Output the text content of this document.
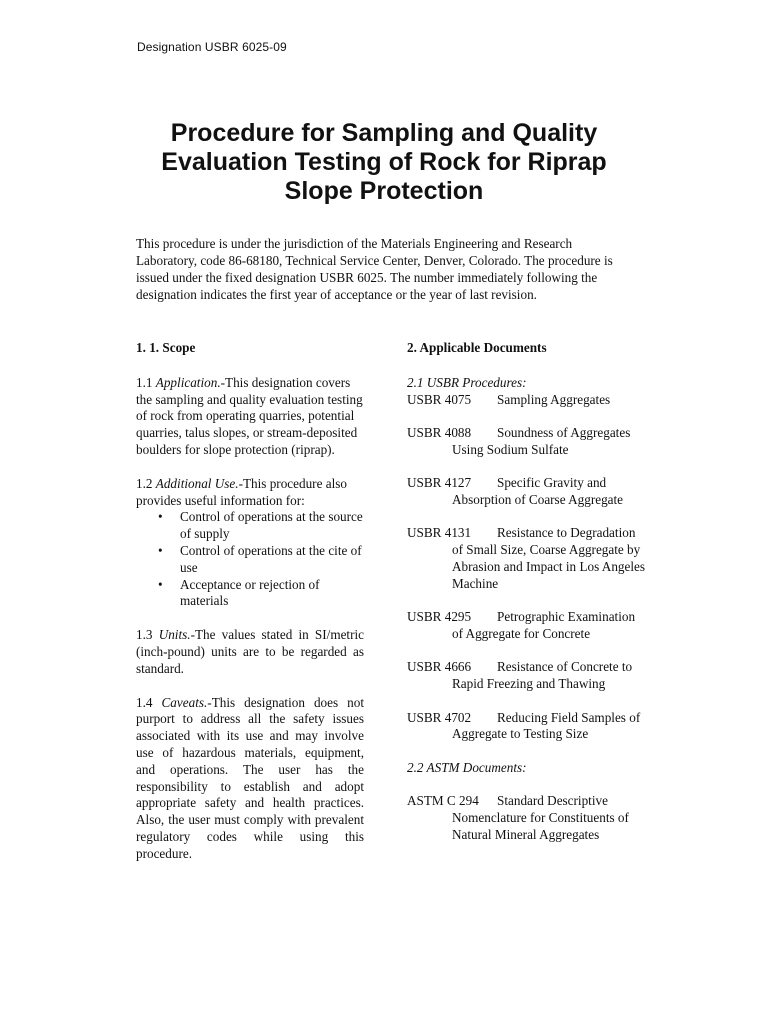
Designation USBR 6025-09
Procedure for Sampling and Quality
Evaluation Testing of Rock for Riprap
Slope Protection

This procedure is under the jurisdiction of the Materials Engineering and Research Laboratory, code 86-68180, Technical Service Center, Denver, Colorado. The procedure is issued under the fixed designation USBR 6025. The number immediately following the designation indicates the first year of acceptance or the year of last revision.

1. 1. Scope

1.1 Application.-This designation covers the sampling and quality evaluation testing of rock from operating quarries, potential quarries, talus slopes, or stream-deposited boulders for slope protection (riprap).

1.2 Additional Use.-This procedure also provides useful information for:

• Control of operations at the source of supply
• Control of operations at the cite of use
• Acceptance or rejection of materials

1.3 Units.-The values stated in SI/metric (inch-pound) units are to be regarded as standard.

1.4 Caveats.-This designation does not purport to address all the safety issues associated with its use and may involve use of hazardous materials, equipment, and operations. The user has the responsibility to establish and adopt appropriate safety and health practices. Also, the user must comply with prevalent regulatory codes while using this procedure.

2. Applicable Documents

2.1 USBR Procedures:

USBR 4075 Sampling Aggregates

USBR 4088 Soundness of Aggregates Using Sodium Sulfate

USBR 4127 Specific Gravity and Absorption of Coarse Aggregate

USBR 4131 Resistance to Degradation of Small Size, Coarse Aggregate by Abrasion and Impact in Los Angeles Machine

USBR 4295 Petrographic Examination of Aggregate for Concrete

USBR 4666 Resistance of Concrete to Rapid Freezing and Thawing

USBR 4702 Reducing Field Samples of Aggregate to Testing Size

2.2 ASTM Documents:

ASTM C 294 Standard Descriptive Nomenclature for Constituents of Natural Mineral Aggregates
